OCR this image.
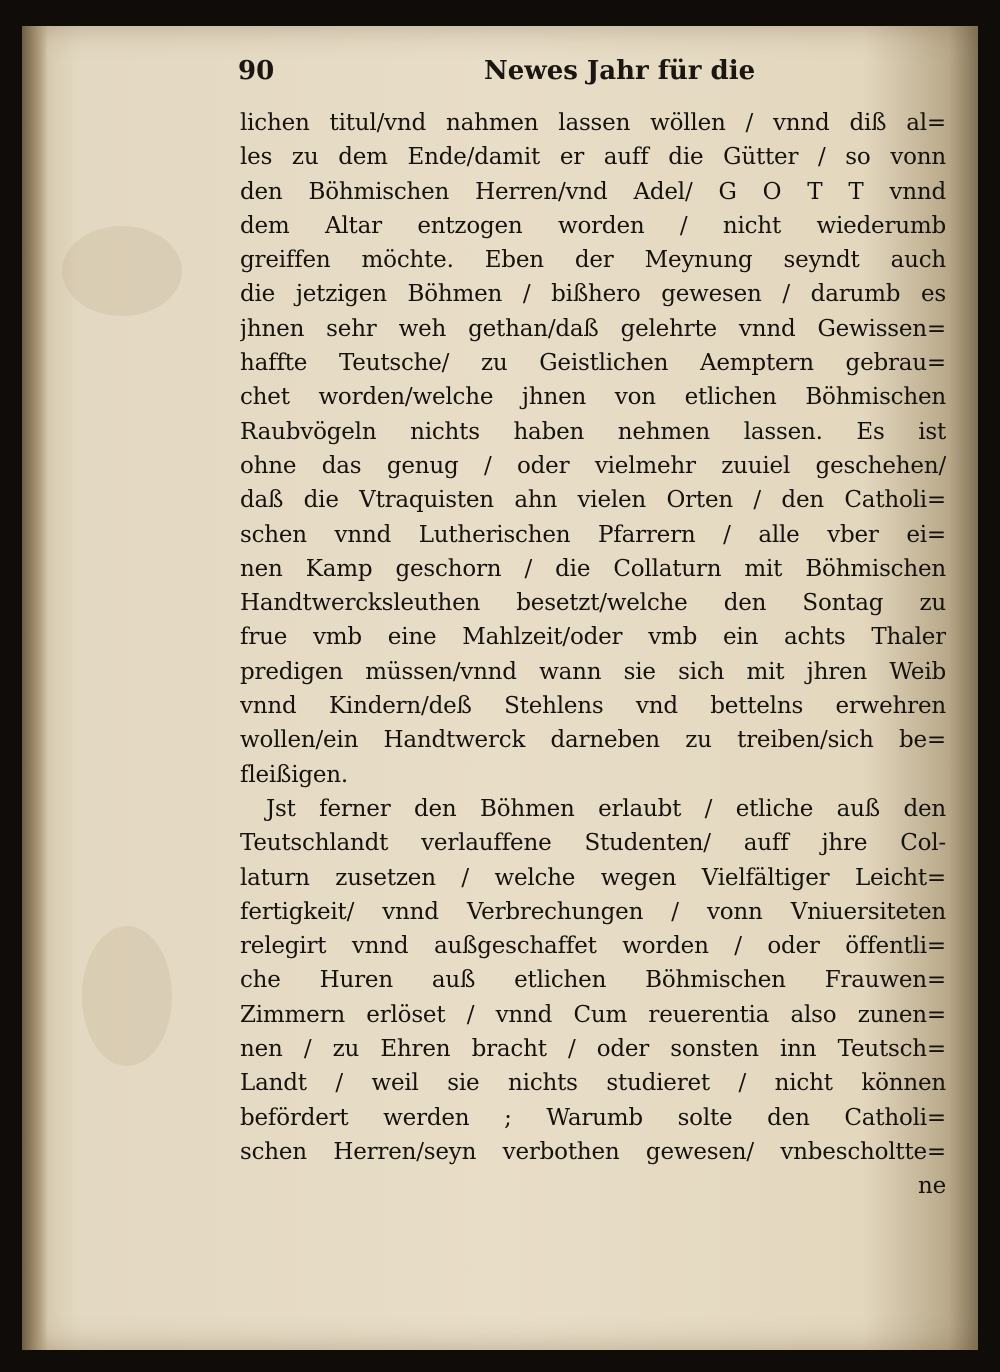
90	Newes Jahr für die
lichen titul/vnd nahmen lassen wöllen / vnnd diß al=
les zu dem Ende/damit er auff die Gütter / so vonn
den Böhmischen Herren/vnd Adel/ G O T T vnnd
dem Altar entzogen worden / nicht wiederumb
greiffen möchte. Eben der Meynung seyndt auch
die jetzigen Böhmen / bißhero gewesen / darumb es
jhnen sehr weh gethan/daß gelehrte vnnd Gewissen=
haffte Teutsche/ zu Geistlichen Aemptern gebrau=
chet worden/welche jhnen von etlichen Böhmischen
Raubvögeln nichts haben nehmen lassen. Es ist
ohne das genug / oder vielmehr zuuiel geschehen/
daß die Vtraquisten ahn vielen Orten / den Catholi=
schen vnnd Lutherischen Pfarrern / alle vber ei=
nen Kamp geschorn / die Collaturn mit Böhmischen
Handtwercksleuthen besetzt/welche den Sontag zu
frue vmb eine Mahlzeit/oder vmb ein achts Thaler
predigen müssen/vnnd wann sie sich mit jhren Weib
vnnd Kindern/deß Stehlens vnd bettelns erwehren
wollen/ein Handtwerck darneben zu treiben/sich be=
fleißigen.
Jst ferner den Böhmen erlaubt / etliche auß den
Teutschlandt verlauffene Studenten/ auff jhre Col-
laturn zusetzen / welche wegen Vielfältiger Leicht=
fertigkeit/ vnnd Verbrechungen / vonn Vniuersiteten
relegirt vnnd außgeschaffet worden / oder öffentli=
che Huren auß etlichen Böhmischen Frauwen=
Zimmern erlöset / vnnd Cum reuerentia also zunen=
nen / zu Ehren bracht / oder sonsten inn Teutsch=
Landt / weil sie nichts studieret / nicht können
befördert werden ; Warumb solte den Catholi=
schen Herren/seyn verbothen gewesen/ vnbescholtte=
ne
